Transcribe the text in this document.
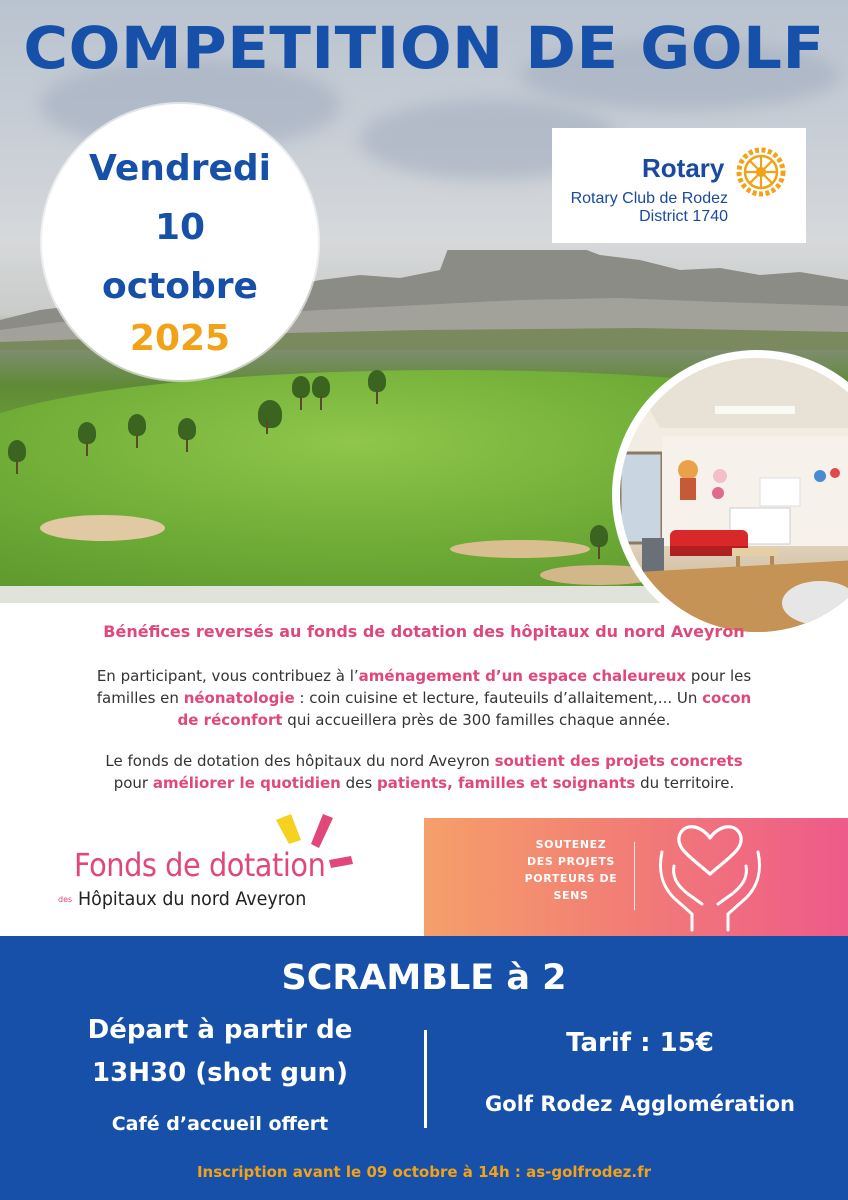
COMPETITION DE GOLF
Vendredi
10
octobre
2025
Rotary
Rotary Club de Rodez
District 1740
Bénéfices reversés au fonds de dotation des hôpitaux du nord Aveyron

En participant, vous contribuez à l’aménagement d’un espace chaleureux pour les familles en néonatologie : coin cuisine et lecture, fauteuils d’allaitement,... Un cocon de réconfort qui accueillera près de 300 familles chaque année.

Le fonds de dotation des hôpitaux du nord Aveyron soutient des projets concrets pour améliorer le quotidien des patients, familles et soignants du territoire.

Fonds de dotation
des Hôpitaux du nord Aveyron
SOUTENEZ
DES PROJETS
PORTEURS DE
SENS
SCRAMBLE à 2
Départ à partir de
13H30 (shot gun)
Café d’accueil offert
Tarif : 15€
Golf Rodez Agglomération
Inscription avant le 09 octobre à 14h : as-golfrodez.fr
